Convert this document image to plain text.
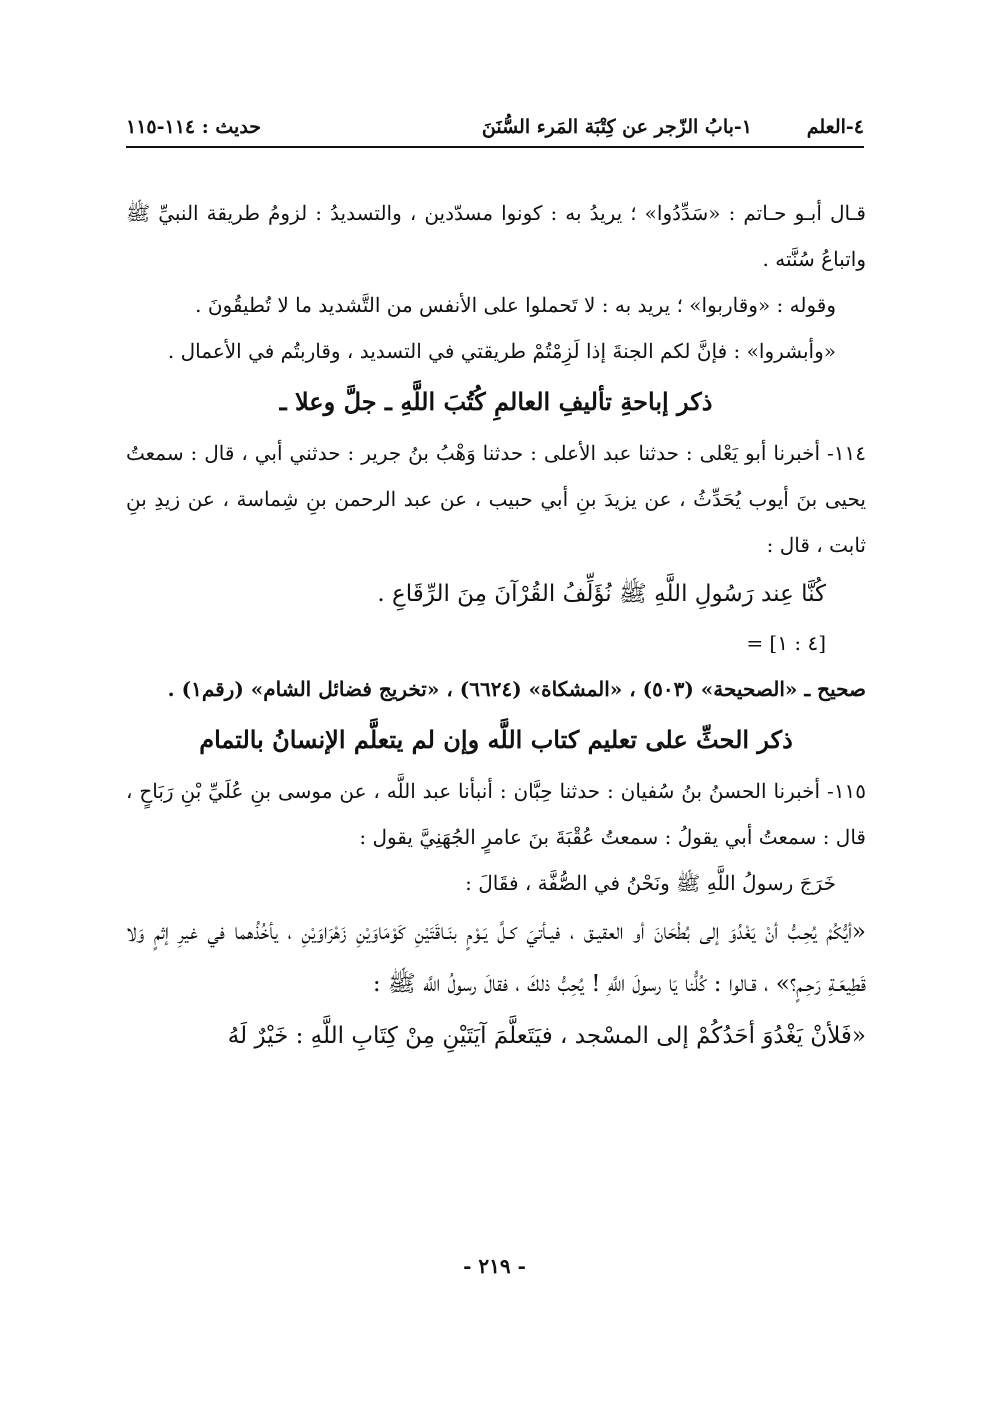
٤-العلم
١-بابُ الزّجر عن كِتْبَة المَرء السُّنَنَ
حديث : ١١٤-١١٥

قـال أبـو حـاتم : «سَدِّدُوا» ؛ يريدُ به : كونوا مسدّدين ، والتسديدُ : لزومُ طريقة النبيِّ ﷺ واتباعُ سُنَّته .

وقوله : «وقاربوا» ؛ يريد به : لا تَحملوا على الأنفس من التَّشديد ما لا تُطيقُونَ .

«وأبشروا» : فإنَّ لكم الجنةَ إذا لَزِمْتُمْ طريقتي في التسديد ، وقاربتُم في الأعمال .

ذكر إباحةِ تأليفِ العالمِ كُتُبَ اللَّهِ ـ جلَّ وعلا ـ

١١٤- أخبرنا أبو يَعْلى : حدثنا عبد الأعلى : حدثنا وَهْبُ بنُ جرير : حدثني أبي ، قال : سمعتُ يحيى بنَ أيوب يُحَدِّثُ ، عن يزيدَ بنِ أبي حبيب ، عن عبد الرحمن بنِ شِماسة ، عن زيدِ بنِ ثابت ، قال :

كُنَّا عِند رَسُولِ اللَّهِ ﷺ نُؤَلِّفُ القُرْآنَ مِنَ الرِّقَاعِ .

= [٤ : ١]

صحيح ـ «الصحيحة» (٥٠٣) ، «المشكاة» (٦٦٢٤) ، «تخريج فضائل الشام» (رقم١) .

ذكر الحثِّ على تعليم كتاب اللَّه وإن لم يتعلَّم الإنسانُ بالتمام

١١٥- أخبرنا الحسنُ بنُ سُفيان : حدثنا حِبَّان : أنبأنا عبد اللَّه ، عن موسى بنِ عُلَيِّ بْنِ رَبَاحٍ ، قال : سمعتُ أبي يقولُ : سمعتُ عُقْبَةَ بنَ عامرٍ الجُهَنِيَّ يقول :

خَرَجَ رسولُ اللَّهِ ﷺ ونَحْنُ في الصُّفَّة ، فقَالَ :

«أيُّكُمْ يُحِـبُّ أنْ يَغْدُوَ إلى بُطْحَانَ أو العقيـق ، فيـأتيَ كـلَّ يَـوْمٍ بنَـاقَتَيْنِ كَوْمَاوَيْنِ زَهْرَاوَيْنِ ، يأخُذُهما في غيرِ إثمٍ وَلا قَطِيعَـةِ رَحِـمٍ؟» ، قـالوا : كُلُّنا يَا رسولَ اللَّهِ ! يُحِبُّ ذلكَ ، فقالَ رسولُ اللَّه ﷺ :

«فَلأنْ يَغْدُوَ أحَدُكُمْ إلى المسْجد ، فيَتَعلَّمَ آيَتَيْنِ مِنْ كِتَابِ اللَّهِ : خَيْرٌ لَهُ

- ٢١٩ -
